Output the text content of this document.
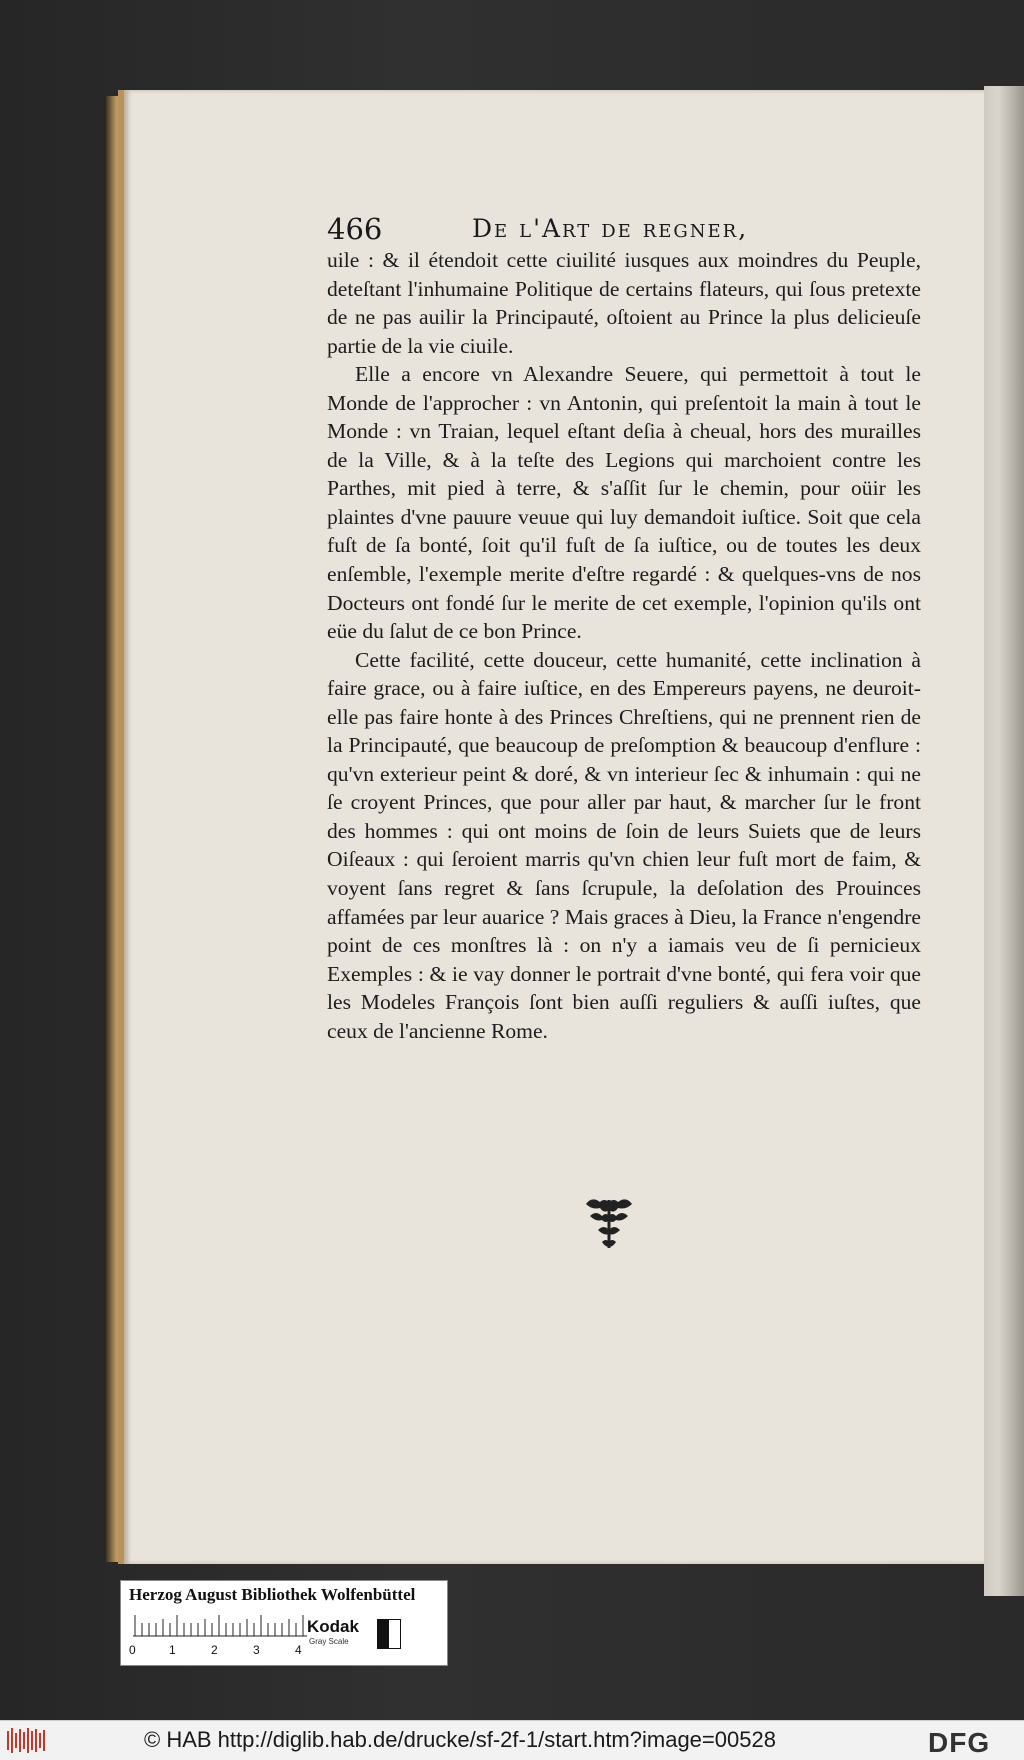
466	De l'Art de regner,

uile : & il étendoit cette ciuilité iusques aux moindres du Peuple, deteſtant l'inhumaine Politique de certains flateurs, qui ſous pretexte de ne pas auilir la Principauté, oſtoient au Prince la plus delicieuſe partie de la vie ciuile.

Elle a encore vn Alexandre Seuere, qui permettoit à tout le Monde de l'approcher : vn Antonin, qui preſentoit la main à tout le Monde : vn Traian, lequel eſtant deſia à cheual, hors des murailles de la Ville, & à la teſte des Legions qui marchoient contre les Parthes, mit pied à terre, & s'aſſit ſur le chemin, pour oüir les plaintes d'vne pauure veuue qui luy demandoit iuſtice. Soit que cela fuſt de ſa bonté, ſoit qu'il fuſt de ſa iuſtice, ou de toutes les deux enſemble, l'exemple merite d'eſtre regardé : & quelques-vns de nos Docteurs ont fondé ſur le merite de cet exemple, l'opinion qu'ils ont eüe du ſalut de ce bon Prince.

Cette facilité, cette douceur, cette humanité, cette inclination à faire grace, ou à faire iuſtice, en des Empereurs payens, ne deuroit-elle pas faire honte à des Princes Chreſtiens, qui ne prennent rien de la Principauté, que beaucoup de preſomption & beaucoup d'enflure : qu'vn exterieur peint & doré, & vn interieur ſec & inhumain : qui ne ſe croyent Princes, que pour aller par haut, & marcher ſur le front des hommes : qui ont moins de ſoin de leurs Suiets que de leurs Oiſeaux : qui ſeroient marris qu'vn chien leur fuſt mort de faim, & voyent ſans regret & ſans ſcrupule, la deſolation des Prouinces affamées par leur auarice ? Mais graces à Dieu, la France n'engendre point de ces monſtres là : on n'y a iamais veu de ſi pernicieux Exemples : & ie vay donner le portrait d'vne bonté, qui fera voir que les Modeles François ſont bien auſſi reguliers & auſſi iuſtes, que ceux de l'ancienne Rome.

Herzog August Bibliothek Wolfenbüttel
0	1	2	3	4
Kodak
Gray Scale
© HAB http://diglib.hab.de/drucke/sf-2f-1/start.htm?image=00528	DFG
